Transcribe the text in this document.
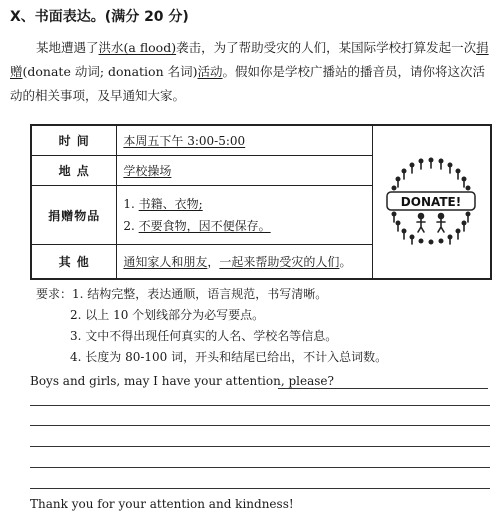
X、书面表达。(满分 20 分)
某地遭遇了洪水(a flood)袭击，为了帮助受灾的人们，某国际学校打算发起一次捐赠(donate 动词; donation 名词)活动。假如你是学校广播站的播音员，请你将这次活动的相关事项，及早通知大家。
时 间	本周五下午 3:00-5:00	DONATE!

地 点	学校操场	
捐赠物品	1. 书籍、衣物;
2. 不要食物，因不便保存。	

其 他	通知家人和朋友，一起来帮助受灾的人们。	
要求：1. 结构完整，表达通顺，语言规范，书写清晰。
2. 以上 10 个划线部分为必写要点。
3. 文中不得出现任何真实的人名、学校名等信息。
4. 长度为 80-100 词，开头和结尾已给出，不计入总词数。
Boys and girls, may I have your attention, please?
Thank you for your attention and kindness!
